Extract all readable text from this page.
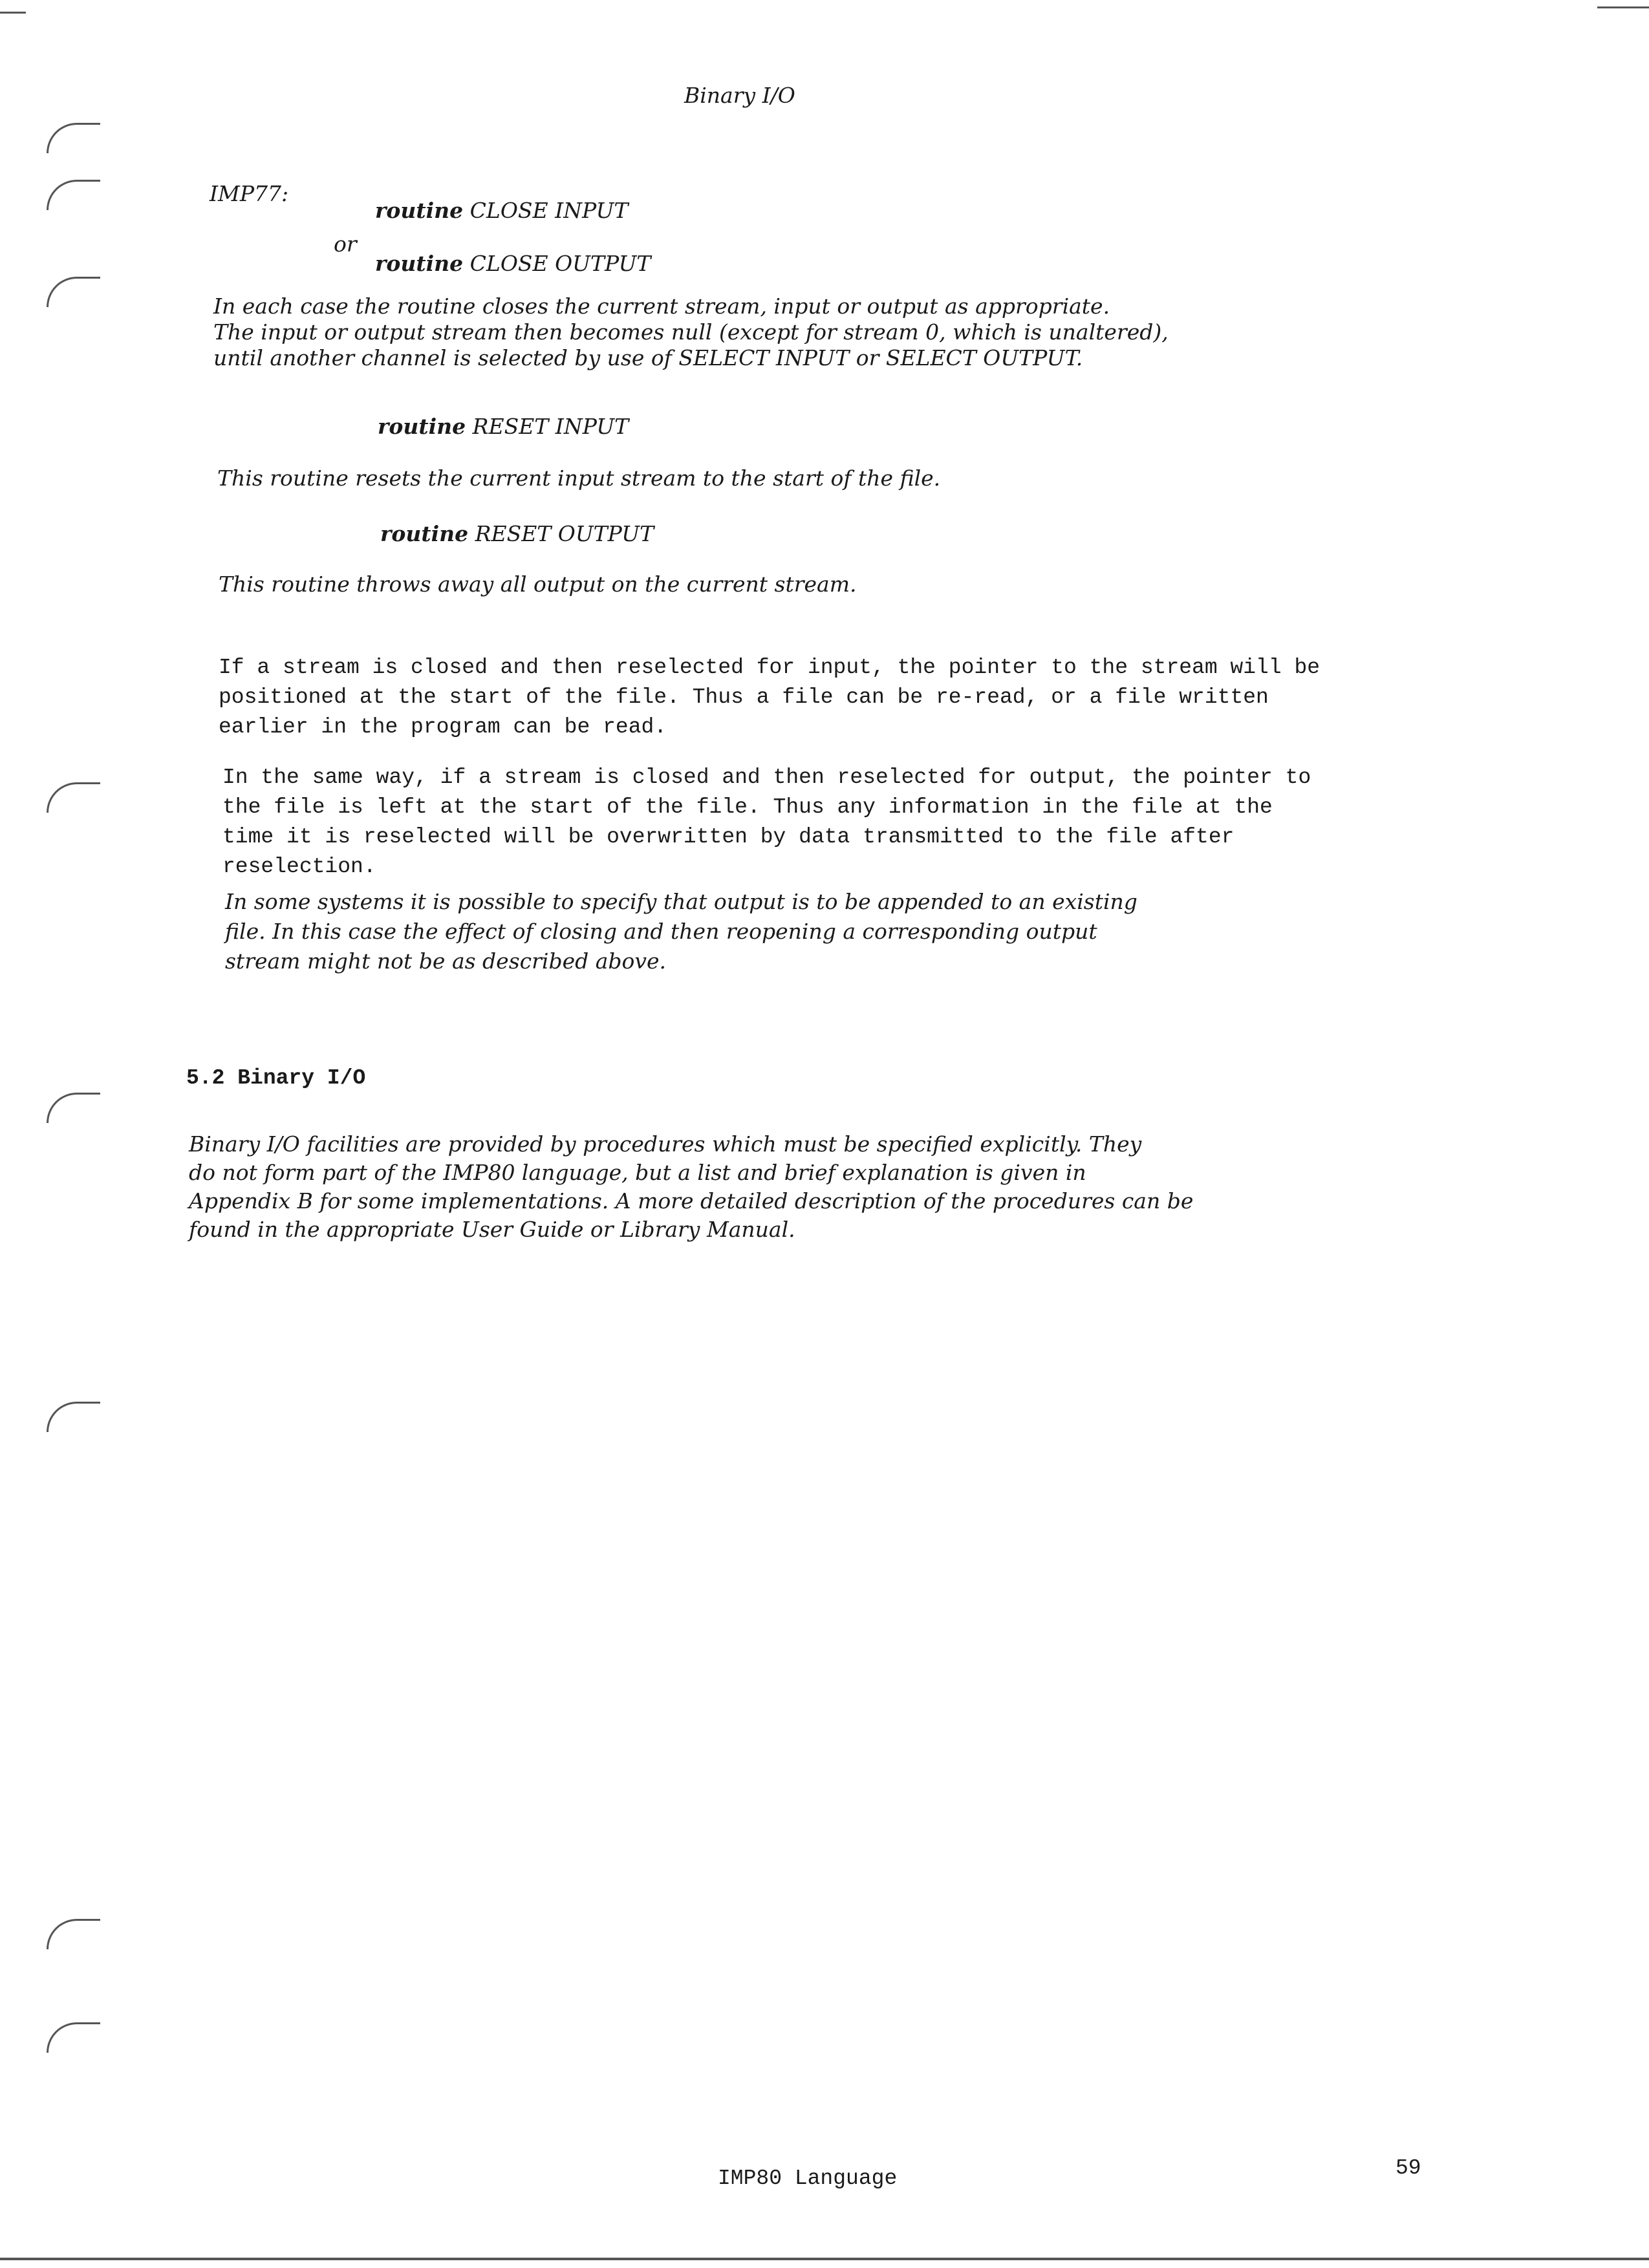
Binary I/O
IMP77:
routine CLOSE INPUT
or
routine CLOSE OUTPUT
In each case the routine closes the current stream, input or output as appropriate.
The input or output stream then becomes null (except for stream 0, which is unaltered),
until another channel is selected by use of SELECT INPUT or SELECT OUTPUT.
routine RESET INPUT
This routine resets the current input stream to the start of the file.
routine RESET OUTPUT
This routine throws away all output on the current stream.
If a stream is closed and then reselected for input, the pointer to the stream will be
positioned at the start of the file. Thus a file can be re-read, or a file written
earlier in the program can be read.
In the same way, if a stream is closed and then reselected for output, the pointer to
the file is left at the start of the file. Thus any information in the file at the
time it is reselected will be overwritten by data transmitted to the file after
reselection.
In some systems it is possible to specify that output is to be appended to an existing
file. In this case the effect of closing and then reopening a corresponding output
stream might not be as described above.
5.2 Binary I/O
Binary I/O facilities are provided by procedures which must be specified explicitly. They
do not form part of the IMP80 language, but a list and brief explanation is given in
Appendix B for some implementations. A more detailed description of the procedures can be
found in the appropriate User Guide or Library Manual.
IMP80 Language	59
